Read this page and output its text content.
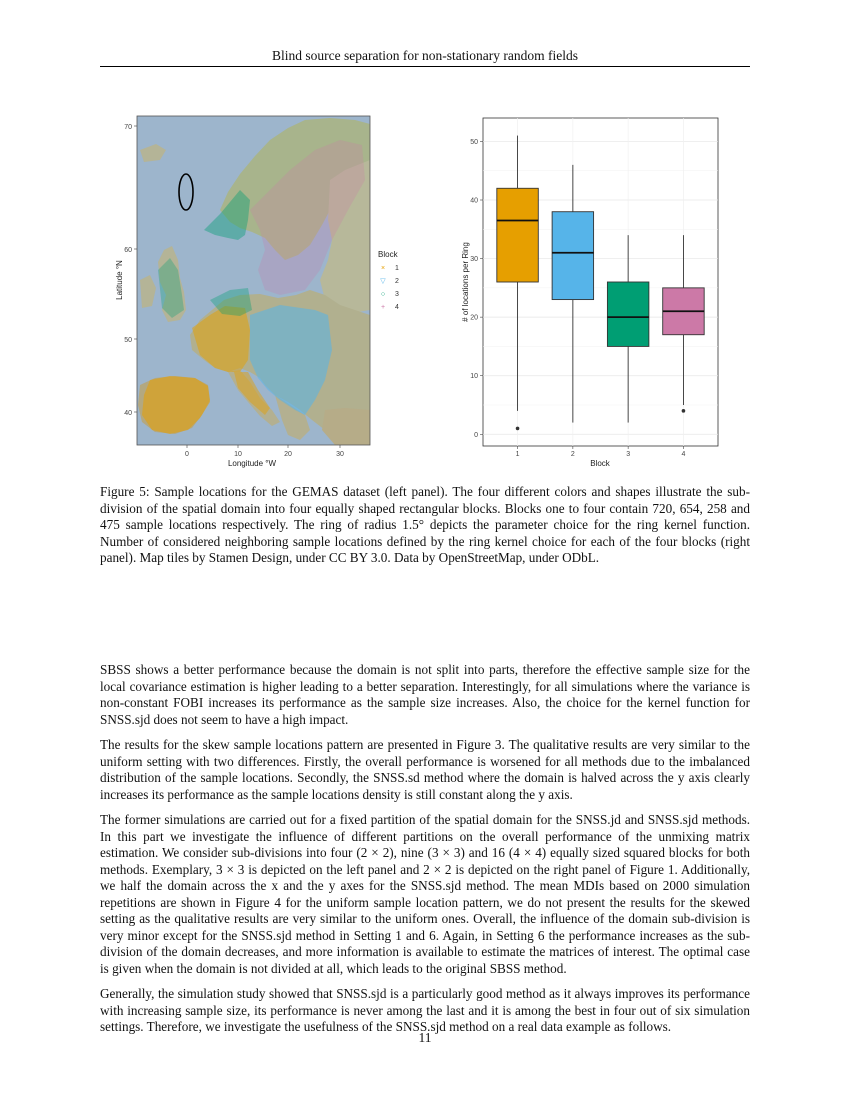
Blind source separation for non-stationary random fields
70
60
50
40
0	10	20	30
Longitude °W
Latitude °N
Block
× 1
▽ 2
○ 3
+ 4
0
10
20
30
40
50
1	2	3	4
Block
# of locations per Ring
Figure 5: Sample locations for the GEMAS dataset (left panel). The four different colors and shapes illustrate the sub-division of the spatial domain into four equally shaped rectangular blocks. Blocks one to four contain 720, 654, 258 and 475 sample locations respectively. The ring of radius 1.5° depicts the parameter choice for the ring kernel function. Number of considered neighboring sample locations defined by the ring kernel choice for each of the four blocks (right panel). Map tiles by Stamen Design, under CC BY 3.0. Data by OpenStreetMap, under ODbL.

SBSS shows a better performance because the domain is not split into parts, therefore the effective sample size for the local covariance estimation is higher leading to a better separation. Interestingly, for all simulations where the variance is non-constant FOBI increases its performance as the sample size increases. Also, the choice for the kernel function for SNSS.sjd does not seem to have a high impact.

The results for the skew sample locations pattern are presented in Figure 3. The qualitative results are very similar to the uniform setting with two differences. Firstly, the overall performance is worsened for all methods due to the imbalanced distribution of the sample locations. Secondly, the SNSS.sd method where the domain is halved across the y axis clearly increases its performance as the sample locations density is still constant along the y axis.

The former simulations are carried out for a fixed partition of the spatial domain for the SNSS.jd and SNSS.sjd methods. In this part we investigate the influence of different partitions on the overall performance of the unmixing matrix estimation. We consider sub-divisions into four (2 × 2), nine (3 × 3) and 16 (4 × 4) equally sized squared blocks for both methods. Exemplary, 3 × 3 is depicted on the left panel and 2 × 2 is depicted on the right panel of Figure 1. Additionally, we half the domain across the x and the y axes for the SNSS.sjd method. The mean MDIs based on 2000 simulation repetitions are shown in Figure 4 for the uniform sample location pattern, we do not present the results for the skewed setting as the qualitative results are very similar to the uniform ones. Overall, the influence of the domain sub-division is very minor except for the SNSS.sjd method in Setting 1 and 6. Again, in Setting 6 the performance increases as the sub-division of the domain decreases, and more information is available to estimate the matrices of interest. The optimal case is given when the domain is not divided at all, which leads to the original SBSS method.

Generally, the simulation study showed that SNSS.sjd is a particularly good method as it always improves its performance with increasing sample size, its performance is never among the last and it is among the best in four out of six simulation settings. Therefore, we investigate the usefulness of the SNSS.sjd method on a real data example as follows.

11
